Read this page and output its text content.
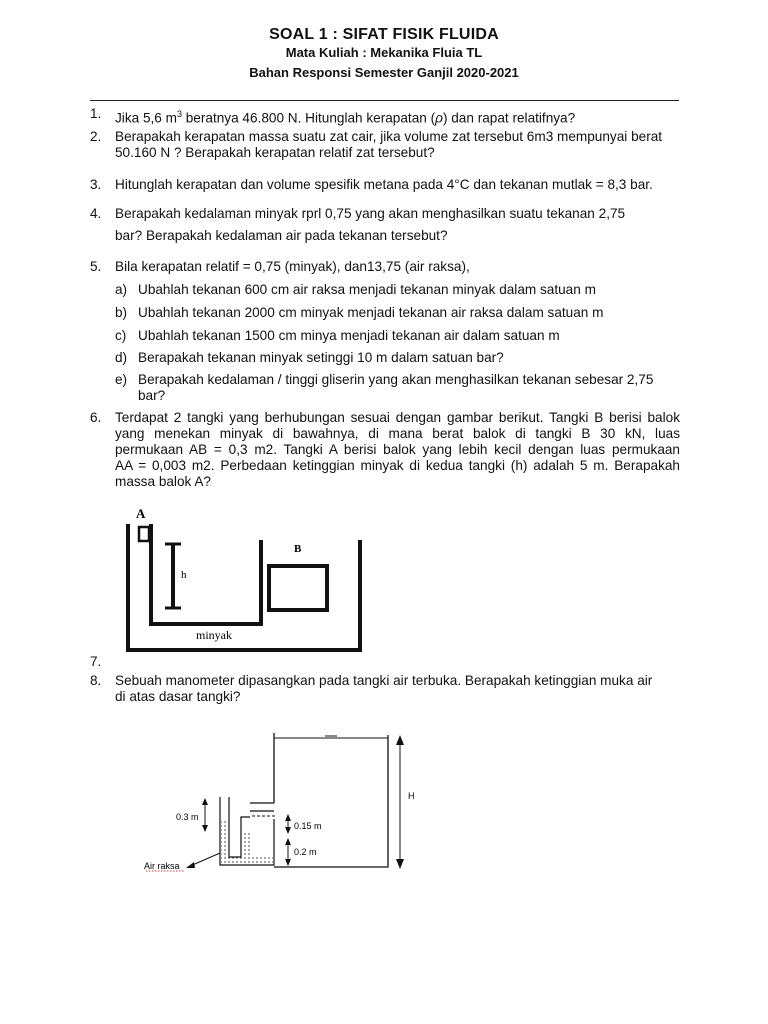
SOAL 1 : SIFAT FISIK FLUIDA
Mata Kuliah : Mekanika Fluia TL
Bahan Responsi Semester Ganjil 2020-2021
1.	Jika 5,6 $m^3$ beratnya 46.800 N. Hitunglah kerapatan (ρ) dan rapat relatifnya?
2.	Berapakah kerapatan massa suatu zat cair, jika volume zat tersebut 6m3 mempunyai berat
50.160 N ? Berapakah kerapatan relatif zat tersebut?
3.	Hitunglah kerapatan dan volume spesifik metana pada 4°C dan tekanan mutlak = 8,3 bar.
4.	Berapakah kedalaman minyak rprl 0,75 yang akan menghasilkan suatu tekanan 2,75
bar? Berapakah kedalaman air pada tekanan tersebut?
5.	Bila kerapatan relatif = 0,75 (minyak), dan13,75 (air raksa),
a) Ubahlah tekanan 600 cm air raksa menjadi tekanan minyak dalam satuan m
b) Ubahlah tekanan 2000 cm minyak menjadi tekanan air raksa dalam satuan m
c) Ubahlah tekanan 1500 cm minya menjadi tekanan air dalam satuan m
d) Berapakah tekanan minyak setinggi 10 m dalam satuan bar?
e) Berapakah kedalaman / tinggi gliserin yang akan menghasilkan tekanan sebesar 2,75
bar?
6.	Terdapat 2 tangki yang berhubungan sesuai dengan gambar berikut. Tangki B berisi balok
yang menekan minyak di bawahnya, di mana berat balok di tangki B 30 kN, luas
permukaan AB = 0,3 m2. Tangki A berisi balok yang lebih kecil dengan luas permukaan
AA = 0,003 m2. Perbedaan ketinggian minyak di kedua tangki (h) adalah 5 m. Berapakah
massa balok A?
A
h
B
minyak
7.
8.	Sebuah manometer dipasangkan pada tangki air terbuka. Berapakah ketinggian muka air
di atas dasar tangki?
H
0.3 m
0.15 m
0.2 m
Air raksa
